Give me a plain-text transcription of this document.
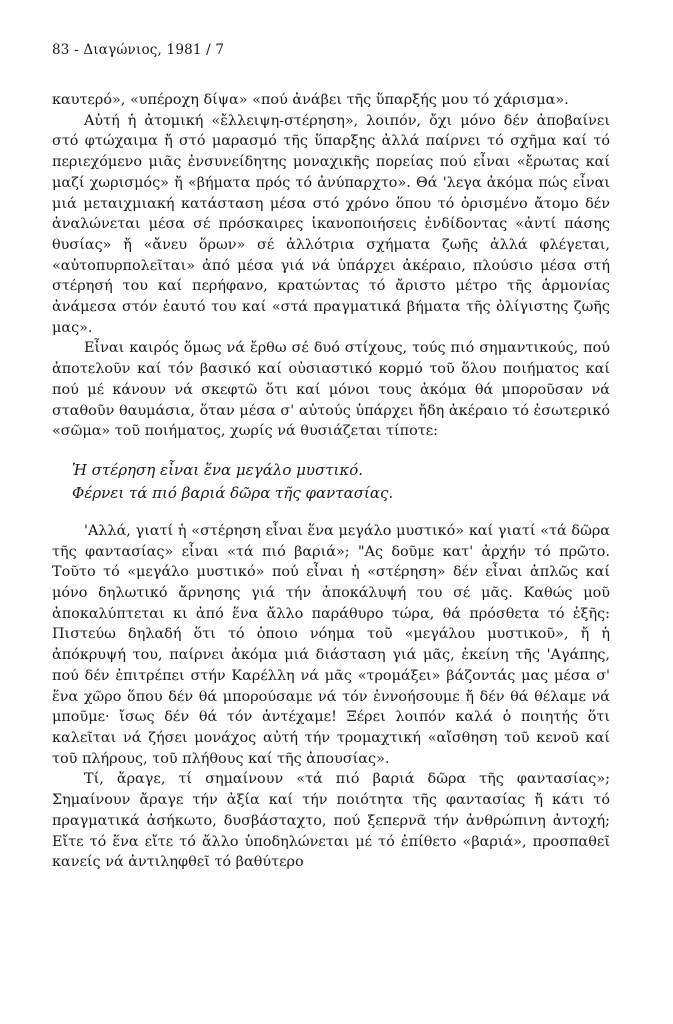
83 - Διαγώνιος, 1981 / 7

καυτερό», «υπέροχη δίψα» «πού ἀνάβει τῆς ὕπαρξής μου τό χάρισμα».

Αὐτή ἡ ἀτομική «ἔλλειψη-στέρηση», λοιπόν, ὄχι μόνο δέν ἀποβαίνει στό φτώχαιμα ἤ στό μαρασμό τῆς ὕπαρξης ἀλλά παίρνει τό σχῆμα καί τό περιεχόμενο μιᾶς ἐνσυνείδητης μοναχικῆς πορείας πού εἶναι «ἔρωτας καί μαζί χωρισμός» ἤ «βήματα πρός τό ἀνύπαρχτο». Θά 'λεγα ἀκόμα πώς εἶναι μιά μεταιχμιακή κατάσταση μέσα στό χρόνο ὅπου τό ὁρισμένο ἄτομο δέν ἀναλώνεται μέσα σέ πρόσκαιρες ἱκανοποιήσεις ἐνδίδοντας «ἀντί πάσης θυσίας» ἤ «ἄνευ ὅρων» σέ ἀλλότρια σχήματα ζωῆς ἀλλά φλέγεται, «αὐτοπυρπολεῖται» ἀπό μέσα γιά νά ὑπάρχει ἀκέραιο, πλούσιο μέσα στή στέρησή του καί περήφανο, κρατώντας τό ἄριστο μέτρο τῆς ἁρμονίας ἀνάμεσα στόν ἑαυτό του καί «στά πραγματικά βήματα τῆς ὀλίγιστης ζωῆς μας».

Εἶναι καιρός ὅμως νά ἔρθω σέ δυό στίχους, τούς πιό σημαντικούς, πού ἀποτελοῦν καί τόν βασικό καί οὐσιαστικό κορμό τοῦ ὅλου ποιήματος καί πού μέ κάνουν νά σκεφτῶ ὅτι καί μόνοι τους ἀκόμα θά μποροῦσαν νά σταθοῦν θαυμάσια, ὅταν μέσα σ' αὐτούς ὑπάρχει ἤδη ἀκέραιο τό ἐσωτερικό «σῶμα» τοῦ ποιήματος, χωρίς νά θυσιάζεται τίποτε:

Ἡ στέρηση εἶναι ἕνα μεγάλο μυστικό.
Φέρνει τά πιό βαριά δῶρα τῆς φαντασίας.

'Αλλά, γιατί ἡ «στέρηση εἶναι ἕνα μεγάλο μυστικό» καί γιατί «τά δῶρα τῆς φαντασίας» εἶναι «τά πιό βαριά»; "Ας δοῦμε κατ' ἀρχήν τό πρῶτο. Τοῦτο τό «μεγάλο μυστικό» πού εἶναι ἡ «στέρηση» δέν εἶναι ἁπλῶς καί μόνο δηλωτικό ἄρνησης γιά τήν ἀποκάλυψή του σέ μᾶς. Καθώς μοῦ ἀποκαλύπτεται κι ἀπό ἕνα ἄλλο παράθυρο τώρα, θά πρόσθετα τό ἑξῆς: Πιστεύω δηλαδή ὅτι τό ὁποιο νόημα τοῦ «μεγάλου μυστικοῦ», ἤ ἡ ἀπόκρυψή του, παίρνει ἀκόμα μιά διάσταση γιά μᾶς, ἐκείνη τῆς 'Αγάπης, πού δέν ἐπιτρέπει στήν Καρέλλη νά μᾶς «τρομάξει» βάζοντάς μας μέσα σ' ἕνα χῶρο ὅπου δέν θά μπορούσαμε νά τόν ἐννοήσουμε ἤ δέν θά θέλαμε νά μποῦμε· ἴσως δέν θά τόν ἀντέχαμε! Ξέρει λοιπόν καλά ὁ ποιητής ὅτι καλεῖται νά ζήσει μονάχος αὐτή τήν τρομαχτική «αἴσθηση τοῦ κενοῦ καί τοῦ πλήρους, τοῦ πλήθους καί τῆς ἀπουσίας».

Τί, ἄραγε, τί σημαίνουν «τά πιό βαριά δῶρα τῆς φαντασίας»; Σημαίνουν ἄραγε τήν ἀξία καί τήν ποιότητα τῆς φαντασίας ἤ κάτι τό πραγματικά ἀσήκωτο, δυσβάσταχτο, πού ξεπερνᾶ τήν ἀνθρώπινη ἀντοχή; Εἴτε τό ἕνα εἴτε τό ἄλλο ὑποδηλώνεται μέ τό ἐπίθετο «βαριά», προσπαθεῖ κανείς νά ἀντιληφθεῖ τό βαθύτερο
